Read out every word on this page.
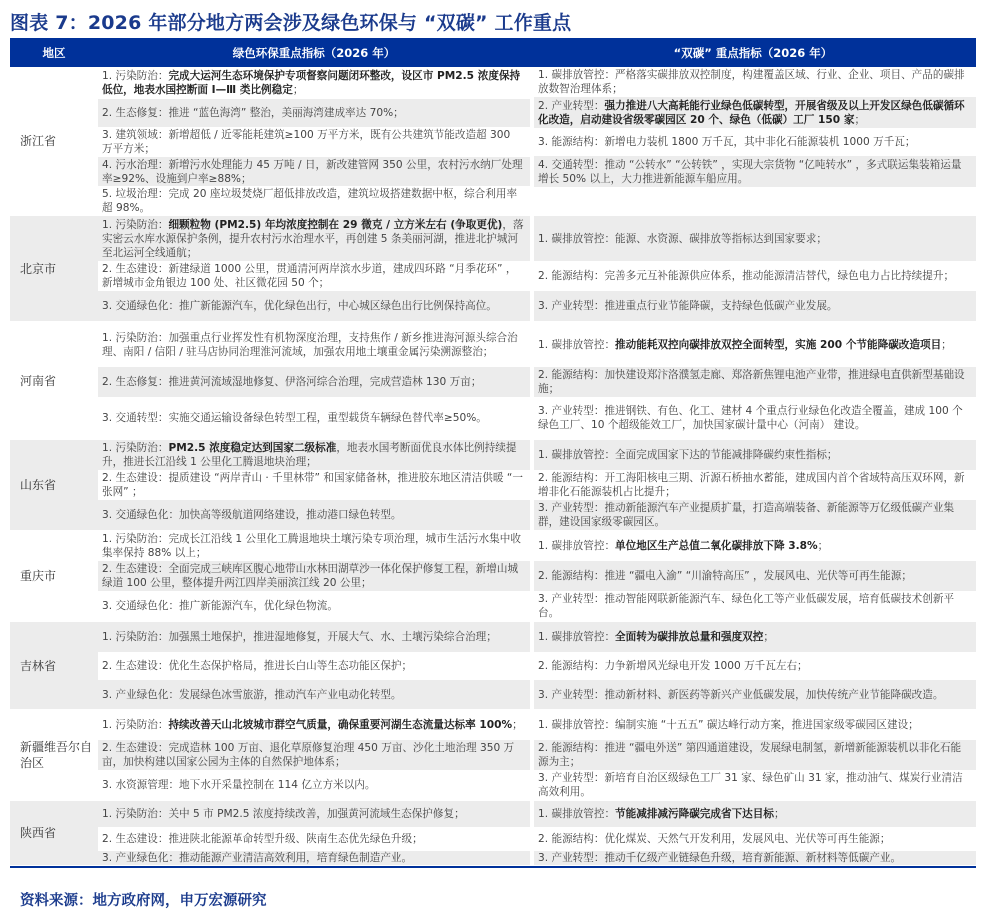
图表 7：2026 年部分地方两会涉及绿色环保与 “双碳” 工作重点
地区	绿色环保重点指标（2026 年）	“双碳” 重点指标（2026 年）
浙江省
1. 污染防治：完成大运河生态环境保护专项督察问题闭环整改，设区市 PM2.5 浓度保持低位，地表水国控断面 Ⅰ—Ⅲ 类比例稳定；
2. 生态修复：推进 “蓝色海湾” 整治，美丽海湾建成率达 70%；
3. 建筑领域：新增超低 / 近零能耗建筑≥100 万平方米，既有公共建筑节能改造超 300 万平方米；
4. 污水治理：新增污水处理能力 45 万吨 / 日，新改建管网 350 公里，农村污水纳厂处理率≥92%、设施到户率≥88%；
5. 垃圾治理：完成 20 座垃圾焚烧厂超低排放改造，建筑垃圾搭建数据中枢，综合利用率超 98%。
1. 碳排放管控：严格落实碳排放双控制度，构建覆盖区域、行业、企业、项目、产品的碳排放数智治理体系；
2. 产业转型：强力推进八大高耗能行业绿色低碳转型，开展省级及以上开发区绿色低碳循环化改造，启动建设省级零碳园区 20 个、绿色（低碳）工厂 150 家；
3. 能源结构：新增电力装机 1800 万千瓦，其中非化石能源装机 1000 万千瓦；
4. 交通转型：推动 “公转水” “公转铁” ，实现大宗货物 “亿吨转水” ，多式联运集装箱运量增长 50% 以上，大力推进新能源车船应用。
北京市
1. 污染防治：细颗粒物 (PM2.5) 年均浓度控制在 29 微克 / 立方米左右 (争取更优)，落实密云水库水源保护条例，提升农村污水治理水平，再创建 5 条美丽河湖，推进北护城河至北运河全线通航；
2. 生态建设：新建绿道 1000 公里，贯通清河两岸滨水步道，建成四环路 “月季花环” ，新增城市金角银边 100 处、社区微花园 50 个；
3. 交通绿色化：推广新能源汽车，优化绿色出行，中心城区绿色出行比例保持高位。
1. 碳排放管控：能源、水资源、碳排放等指标达到国家要求；
2. 能源结构：完善多元互补能源供应体系，推动能源清洁替代，绿色电力占比持续提升；
3. 产业转型：推进重点行业节能降碳，支持绿色低碳产业发展。
河南省
1. 污染防治：加强重点行业挥发性有机物深度治理，支持焦作 / 新乡推进海河源头综合治理、南阳 / 信阳 / 驻马店协同治理淮河流域，加强农用地土壤重金属污染溯源整治；
2. 生态修复：推进黄河流域湿地修复、伊洛河综合治理，完成营造林 130 万亩；
3. 交通转型：实施交通运输设备绿色转型工程，重型载货车辆绿色替代率≥50%。
1. 碳排放管控：推动能耗双控向碳排放双控全面转型，实施 200 个节能降碳改造项目；
2. 能源结构：加快建设郑汴洛濮氢走廊、郑洛新焦锂电池产业带，推进绿电直供新型基础设施；
3. 产业转型：推进钢铁、有色、化工、建材 4 个重点行业绿色化改造全覆盖，建成 100 个绿色工厂、10 个超级能效工厂，加快国家碳计量中心（河南） 建设。
山东省
1. 污染防治：PM2.5 浓度稳定达到国家二级标准，地表水国考断面优良水体比例持续提升，推进长江沿线 1 公里化工腾退地块治理；
2. 生态建设：提质建设 “两岸青山 · 千里林带” 和国家储备林，推进胶东地区清洁供暖 “一张网” ；
3. 交通绿色化：加快高等级航道网络建设，推动港口绿色转型。
1. 碳排放管控：全面完成国家下达的节能减排降碳约束性指标；
2. 能源结构：开工海阳核电三期、沂源石桥抽水蓄能，建成国内首个省域特高压双环网，新增非化石能源装机占比提升；
3. 产业转型：推动新能源汽车产业提质扩量，打造高端装备、新能源等万亿级低碳产业集群，建设国家级零碳园区。
重庆市
1. 污染防治：完成长江沿线 1 公里化工腾退地块土壤污染专项治理，城市生活污水集中收集率保持 88% 以上；
2. 生态建设：全面完成三峡库区腹心地带山水林田湖草沙一体化保护修复工程，新增山城绿道 100 公里，整体提升两江四岸美丽滨江线 20 公里；
3. 交通绿色化：推广新能源汽车，优化绿色物流。
1. 碳排放管控：单位地区生产总值二氧化碳排放下降 3.8%；
2. 能源结构：推进 “疆电入渝” “川渝特高压” ，发展风电、光伏等可再生能源；
3. 产业转型：推动智能网联新能源汽车、绿色化工等产业低碳发展，培育低碳技术创新平台。
吉林省
1. 污染防治：加强黑土地保护，推进湿地修复，开展大气、水、土壤污染综合治理；
2. 生态建设：优化生态保护格局，推进长白山等生态功能区保护；
3. 产业绿色化：发展绿色冰雪旅游，推动汽车产业电动化转型。
1. 碳排放管控：全面转为碳排放总量和强度双控；
2. 能源结构：力争新增风光绿电开发 1000 万千瓦左右；
3. 产业转型：推动新材料、新医药等新兴产业低碳发展，加快传统产业节能降碳改造。
新疆维吾尔自治区
1. 污染防治：持续改善天山北坡城市群空气质量，确保重要河湖生态流量达标率 100%；
2. 生态建设：完成造林 100 万亩、退化草原修复治理 450 万亩、沙化土地治理 350 万亩，加快构建以国家公园为主体的自然保护地体系；
3. 水资源管理：地下水开采量控制在 114 亿立方米以内。
1. 碳排放管控：编制实施 “十五五” 碳达峰行动方案，推进国家级零碳园区建设；
2. 能源结构：推进 “疆电外送” 第四通道建设，发展绿电制氢，新增新能源装机以非化石能源为主；
3. 产业转型：新培育自治区级绿色工厂 31 家、绿色矿山 31 家，推动油气、煤炭行业清洁高效利用。
陕西省
1. 污染防治：关中 5 市 PM2.5 浓度持续改善，加强黄河流域生态保护修复；
2. 生态建设：推进陕北能源革命转型升级、陕南生态优先绿色升级；
3. 产业绿色化：推动能源产业清洁高效利用，培育绿色制造产业。
1. 碳排放管控：节能减排减污降碳完成省下达目标；
2. 能源结构：优化煤炭、天然气开发利用，发展风电、光伏等可再生能源；
3. 产业转型：推动千亿级产业链绿色升级，培育新能源、新材料等低碳产业。
资料来源：地方政府网，申万宏源研究
